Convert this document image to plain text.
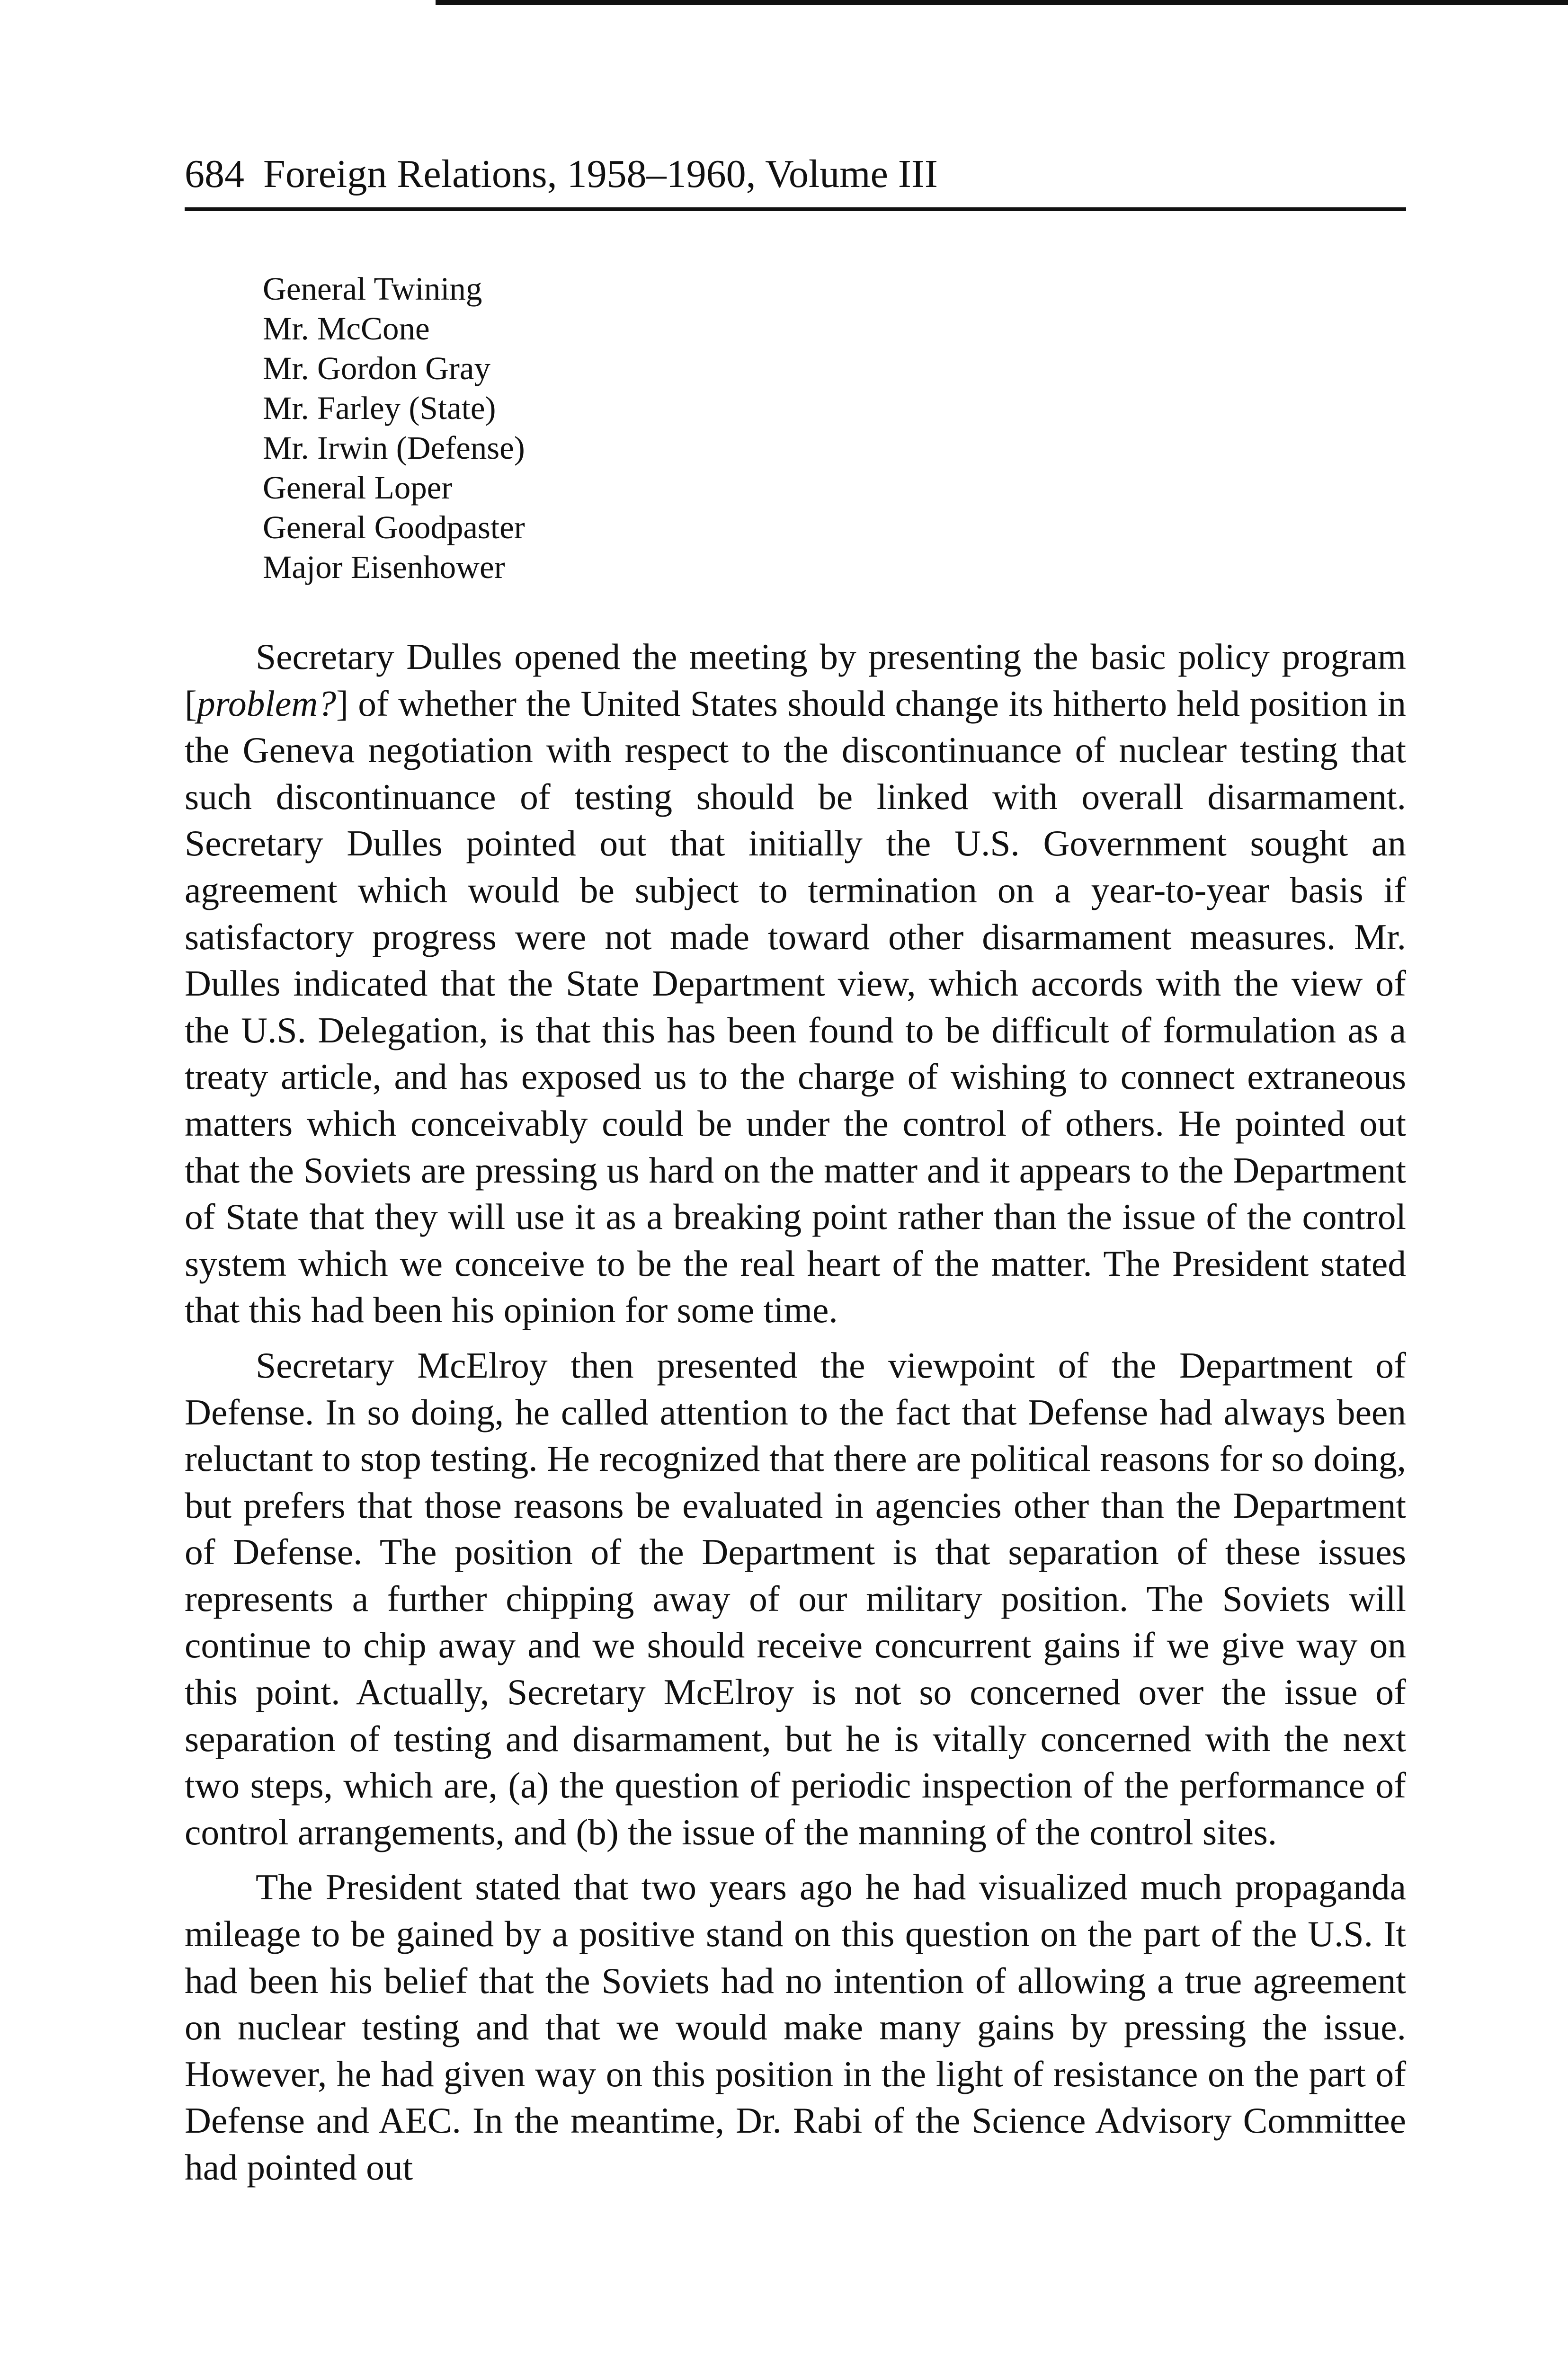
684 Foreign Relations, 1958–1960, Volume III
General Twining
Mr. McCone
Mr. Gordon Gray
Mr. Farley (State)
Mr. Irwin (Defense)
General Loper
General Goodpaster
Major Eisenhower

Secretary Dulles opened the meeting by presenting the basic policy program [problem?] of whether the United States should change its hitherto held position in the Geneva negotiation with respect to the discontinuance of nuclear testing that such discontinuance of testing should be linked with overall disarmament. Secretary Dulles pointed out that initially the U.S. Government sought an agreement which would be subject to termination on a year-to-year basis if satisfactory progress were not made toward other disarmament measures. Mr. Dulles indicated that the State Department view, which accords with the view of the U.S. Delegation, is that this has been found to be difficult of formulation as a treaty article, and has exposed us to the charge of wishing to connect extraneous matters which conceivably could be under the control of others. He pointed out that the Soviets are pressing us hard on the matter and it appears to the Department of State that they will use it as a breaking point rather than the issue of the control system which we conceive to be the real heart of the matter. The President stated that this had been his opinion for some time.

Secretary McElroy then presented the viewpoint of the Department of Defense. In so doing, he called attention to the fact that Defense had always been reluctant to stop testing. He recognized that there are political reasons for so doing, but prefers that those reasons be evaluated in agencies other than the Department of Defense. The position of the Department is that separation of these issues represents a further chipping away of our military position. The Soviets will continue to chip away and we should receive concurrent gains if we give way on this point. Actually, Secretary McElroy is not so concerned over the issue of separation of testing and disarmament, but he is vitally concerned with the next two steps, which are, (a) the question of periodic inspection of the performance of control arrangements, and (b) the issue of the manning of the control sites.

The President stated that two years ago he had visualized much propaganda mileage to be gained by a positive stand on this question on the part of the U.S. It had been his belief that the Soviets had no intention of allowing a true agreement on nuclear testing and that we would make many gains by pressing the issue. However, he had given way on this position in the light of resistance on the part of Defense and AEC. In the meantime, Dr. Rabi of the Science Advisory Committee had pointed out
